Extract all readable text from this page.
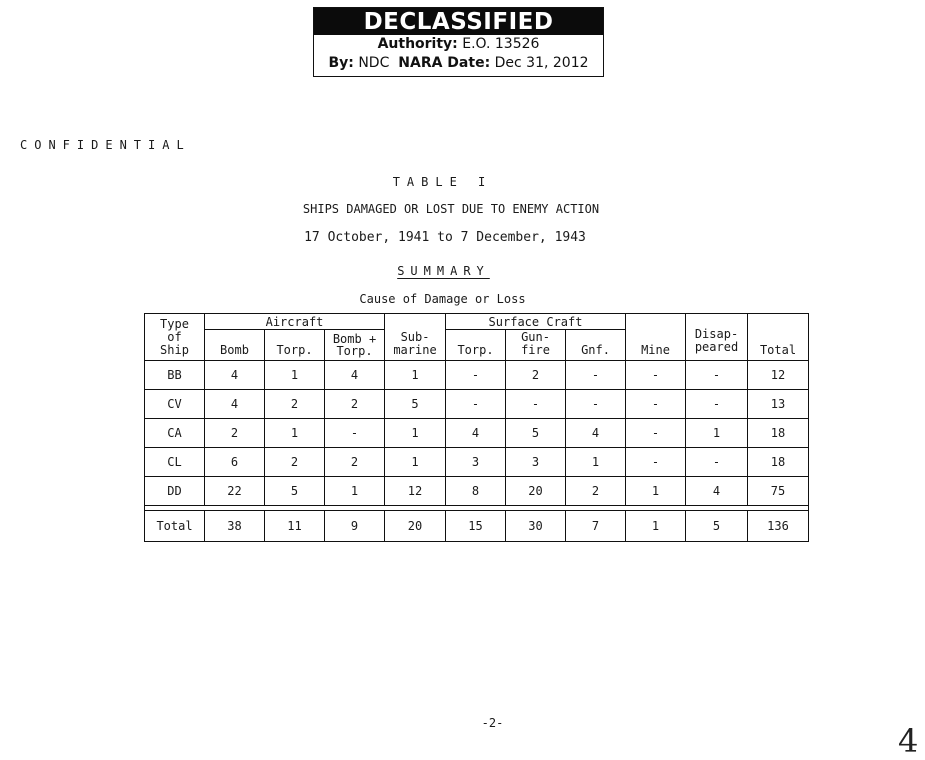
DECLASSIFIED
Authority: E.O. 13526
By: NDC NARA Date: Dec 31, 2012
CONFIDENTIAL
TABLE I
SHIPS DAMAGED OR LOST DUE TO ENEMY ACTION
17 October, 1941 to 7 December, 1943
SUMMARY
Cause of Damage or Loss
Type of Ship	Aircraft			Sub- marine	Surface Craft			Mine	Disap- peared	Total
	Bomb	Torp.	Bomb + Torp.		Torp.	Gun- fire	Gnf.			
BB	4	1	4	1	-	2	-	-	-	12
CV	4	2	2	5	-	-	-	-	-	13
CA	2	1	-	1	4	5	4	-	1	18
CL	6	2	2	1	3	3	1	-	-	18
DD	22	5	1	12	8	20	2	1	4	75

Total	38	11	9	20	15	30	7	1	5	136
-2-	4
